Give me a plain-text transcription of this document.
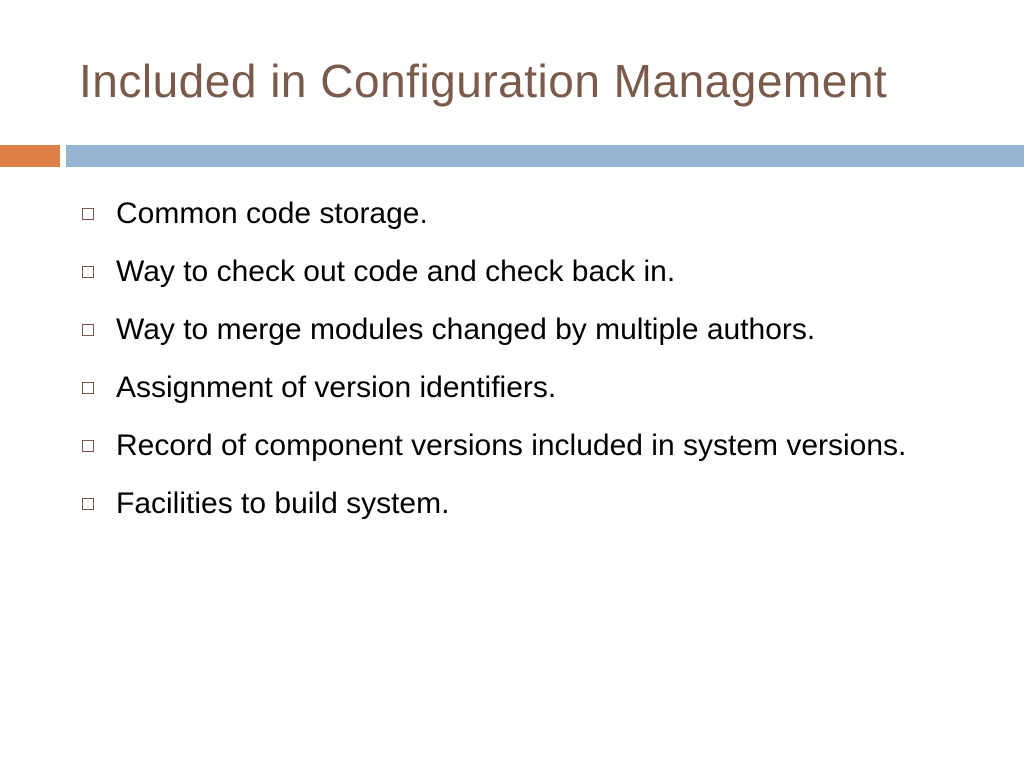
Included in Configuration Management
Common code storage.
Way to check out code and check back in.
Way to merge modules changed by multiple authors.
Assignment of version identifiers.
Record of component versions included in system versions.
Facilities to build system.
